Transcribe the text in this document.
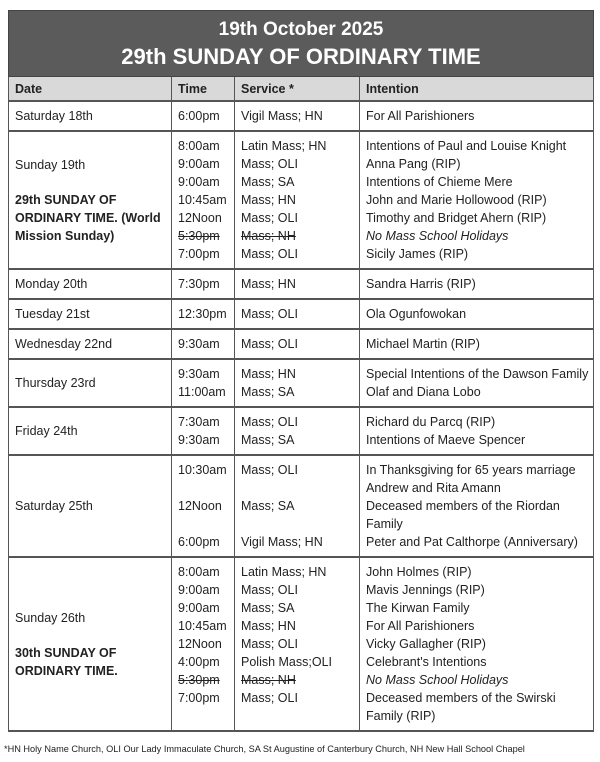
19th October 2025
29th SUNDAY OF ORDINARY TIME
Date	Time	Service *	Intention
Saturday 18th	6:00pm	Vigil Mass; HN	For All Parishioners
Sunday 19th
29th SUNDAY OF ORDINARY TIME. (World Mission Sunday)
8:00am	Latin Mass; HN	Intentions of Paul and Louise Knight
9:00am	Mass; OLI	Anna Pang (RIP)
9:00am	Mass; SA	Intentions of Chieme Mere
10:45am	Mass; HN	John and Marie Hollowood (RIP)
12Noon	Mass; OLI	Timothy and Bridget Ahern (RIP)
5:30pm	Mass; NH	No Mass School Holidays
7:00pm	Mass; OLI	Sicily James (RIP)
Monday 20th	7:30pm	Mass; HN	Sandra Harris (RIP)
Tuesday 21st	12:30pm	Mass; OLI	Ola Ogunfowokan
Wednesday 22nd	9:30am	Mass; OLI	Michael Martin (RIP)
Thursday 23rd
9:30am	Mass; HN	Special Intentions of the Dawson Family
11:00am	Mass; SA	Olaf and Diana Lobo
Friday 24th
7:30am	Mass; OLI	Richard du Parcq (RIP)
9:30am	Mass; SA	Intentions of Maeve Spencer
Saturday 25th
10:30am	Mass; OLI	In Thanksgiving for 65 years marriage Andrew and Rita Amann
12Noon	Mass; SA	Deceased members of the Riordan Family
6:00pm	Vigil Mass; HN	Peter and Pat Calthorpe (Anniversary)
Sunday 26th
30th SUNDAY OF ORDINARY TIME.
8:00am	Latin Mass; HN	John Holmes (RIP)
9:00am	Mass; OLI	Mavis Jennings (RIP)
9:00am	Mass; SA	The Kirwan Family
10:45am	Mass; HN	For All Parishioners
12Noon	Mass; OLI	Vicky Gallagher (RIP)
4:00pm	Polish Mass;OLI	Celebrant's Intentions
5:30pm	Mass; NH	No Mass School Holidays
7:00pm	Mass; OLI	Deceased members of the Swirski Family (RIP)
*HN Holy Name Church, OLI Our Lady Immaculate Church, SA St Augustine of Canterbury Church, NH New Hall School Chapel
